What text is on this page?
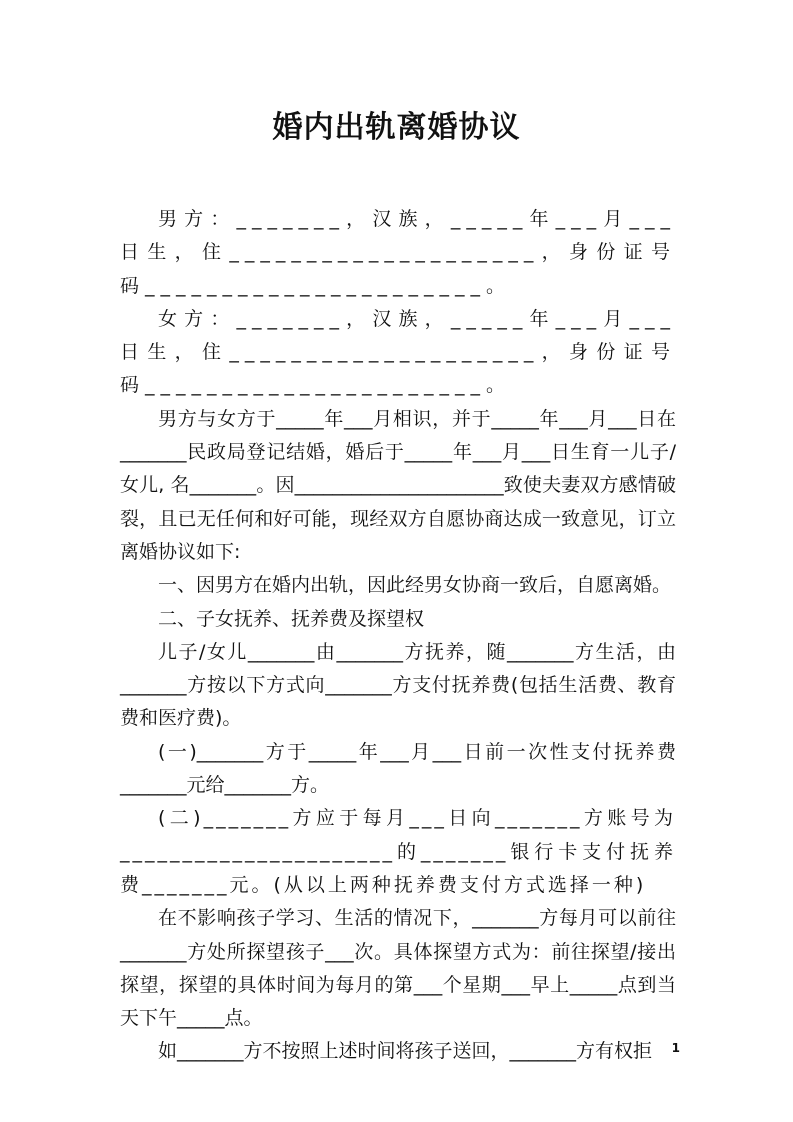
婚内出轨离婚协议

男方：_______，汉族，_____年___月___日生，住____________________，身份证号码______________________。

女方：_______，汉族，_____年___月___日生，住____________________，身份证号码______________________。

男方与女方于_____年___月相识，并于_____年___月___日在_______民政局登记结婚，婚后于_____年___月___日生育一儿子/女儿, 名_______。因______________________致使夫妻双方感情破裂，且已无任何和好可能，现经双方自愿协商达成一致意见，订立离婚协议如下:

一、因男方在婚内出轨，因此经男女协商一致后，自愿离婚。

二、子女抚养、抚养费及探望权

儿子/女儿_______由_______方抚养，随_______方生活，由_______方按以下方式向_______方支付抚养费(包括生活费、教育费和医疗费)。

(一)_______方于_____年___月___日前一次性支付抚养费_______元给_______方。

(二)_______方应于每月___日向_______方账号为______________________的_______银行卡支付抚养费_______元。(从以上两种抚养费支付方式选择一种)

在不影响孩子学习、生活的情况下，_______方每月可以前往_______方处所探望孩子___次。具体探望方式为：前往探望/接出探望，探望的具体时间为每月的第___个星期___早上_____点到当天下午_____点。

如_______方不按照上述时间将孩子送回，_______方有权拒	1
